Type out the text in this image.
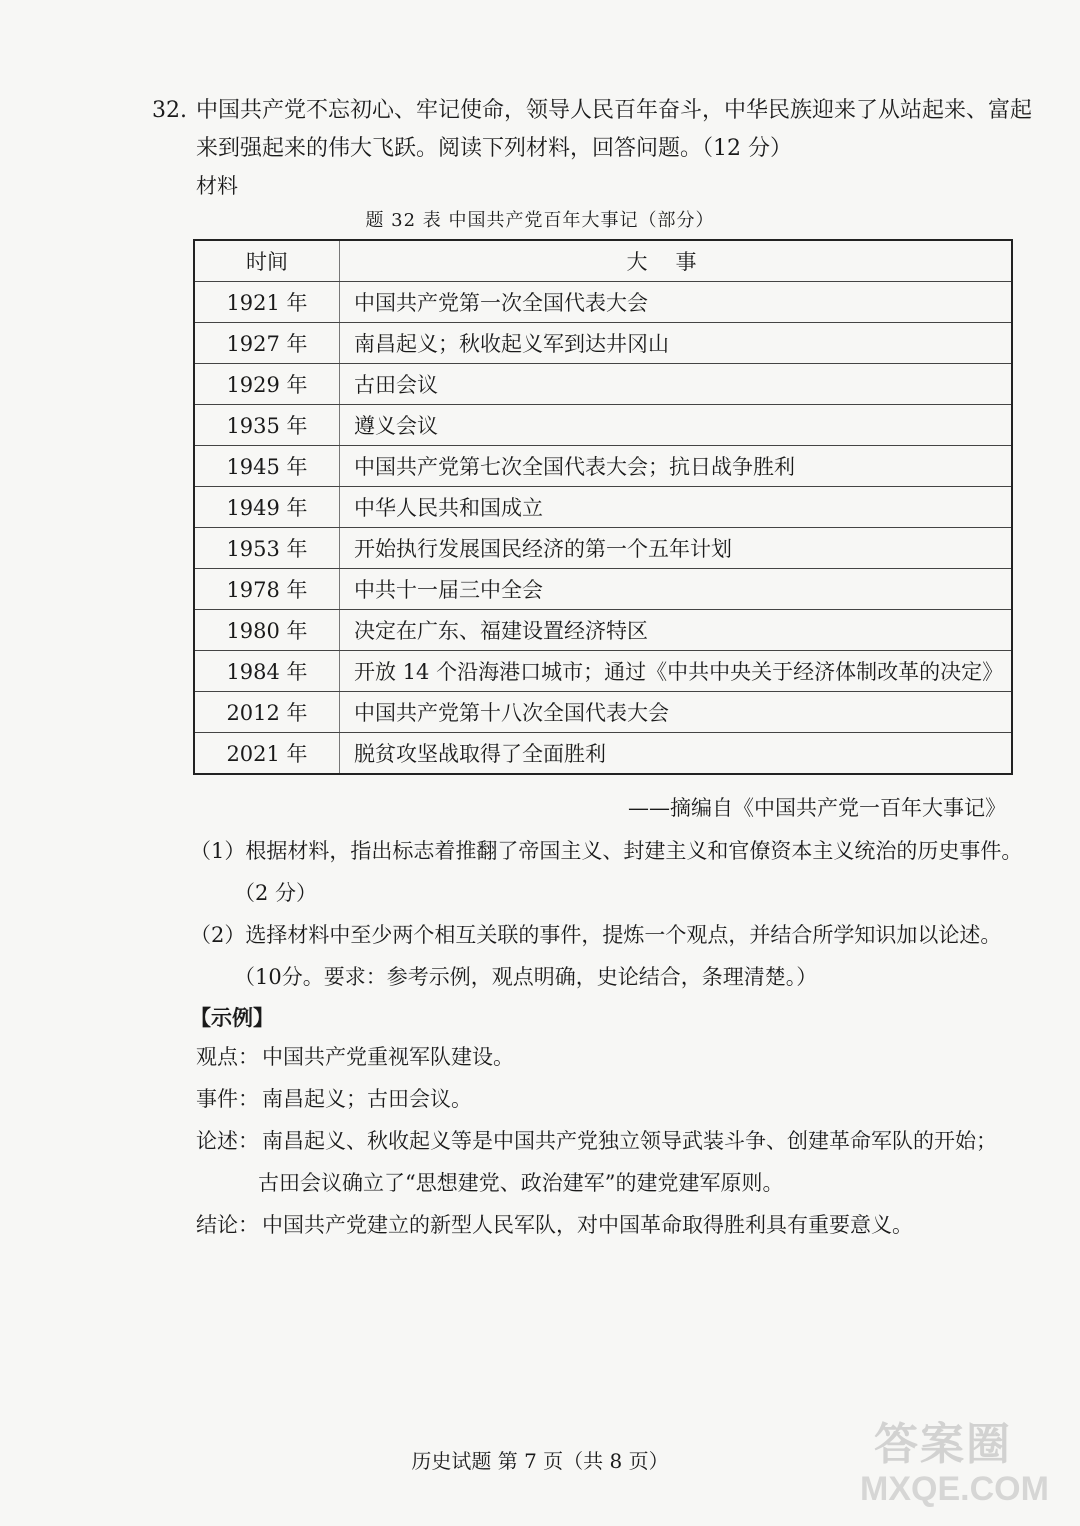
32. 中国共产党不忘初心、牢记使命，领导人民百年奋斗，中华民族迎来了从站起来、富起来到强起来的伟大飞跃。阅读下列材料，回答问题。（12 分）
材料
题 32 表 中国共产党百年大事记（部分）
时间	大事
1921 年	中国共产党第一次全国代表大会
1927 年	南昌起义；秋收起义军到达井冈山
1929 年	古田会议
1935 年	遵义会议
1945 年	中国共产党第七次全国代表大会；抗日战争胜利
1949 年	中华人民共和国成立
1953 年	开始执行发展国民经济的第一个五年计划
1978 年	中共十一届三中全会
1980 年	决定在广东、福建设置经济特区
1984 年	开放 14 个沿海港口城市；通过《中共中央关于经济体制改革的决定》
2012 年	中国共产党第十八次全国代表大会
2021 年	脱贫攻坚战取得了全面胜利
——摘编自《中国共产党一百年大事记》
（1）根据材料，指出标志着推翻了帝国主义、封建主义和官僚资本主义统治的历史事件。
（2 分）
（2）选择材料中至少两个相互关联的事件，提炼一个观点，并结合所学知识加以论述。
（10分。要求：参考示例，观点明确，史论结合，条理清楚。）
【示例】
观点： 中国共产党重视军队建设。
事件： 南昌起义；古田会议。
论述： 南昌起义、秋收起义等是中国共产党独立领导武装斗争、创建革命军队的开始；
古田会议确立了“思想建党、政治建军”的建党建军原则。
结论： 中国共产党建立的新型人民军队，对中国革命取得胜利具有重要意义。
历史试题 第 7 页（共 8 页）	答案圈
MXQE.COM
